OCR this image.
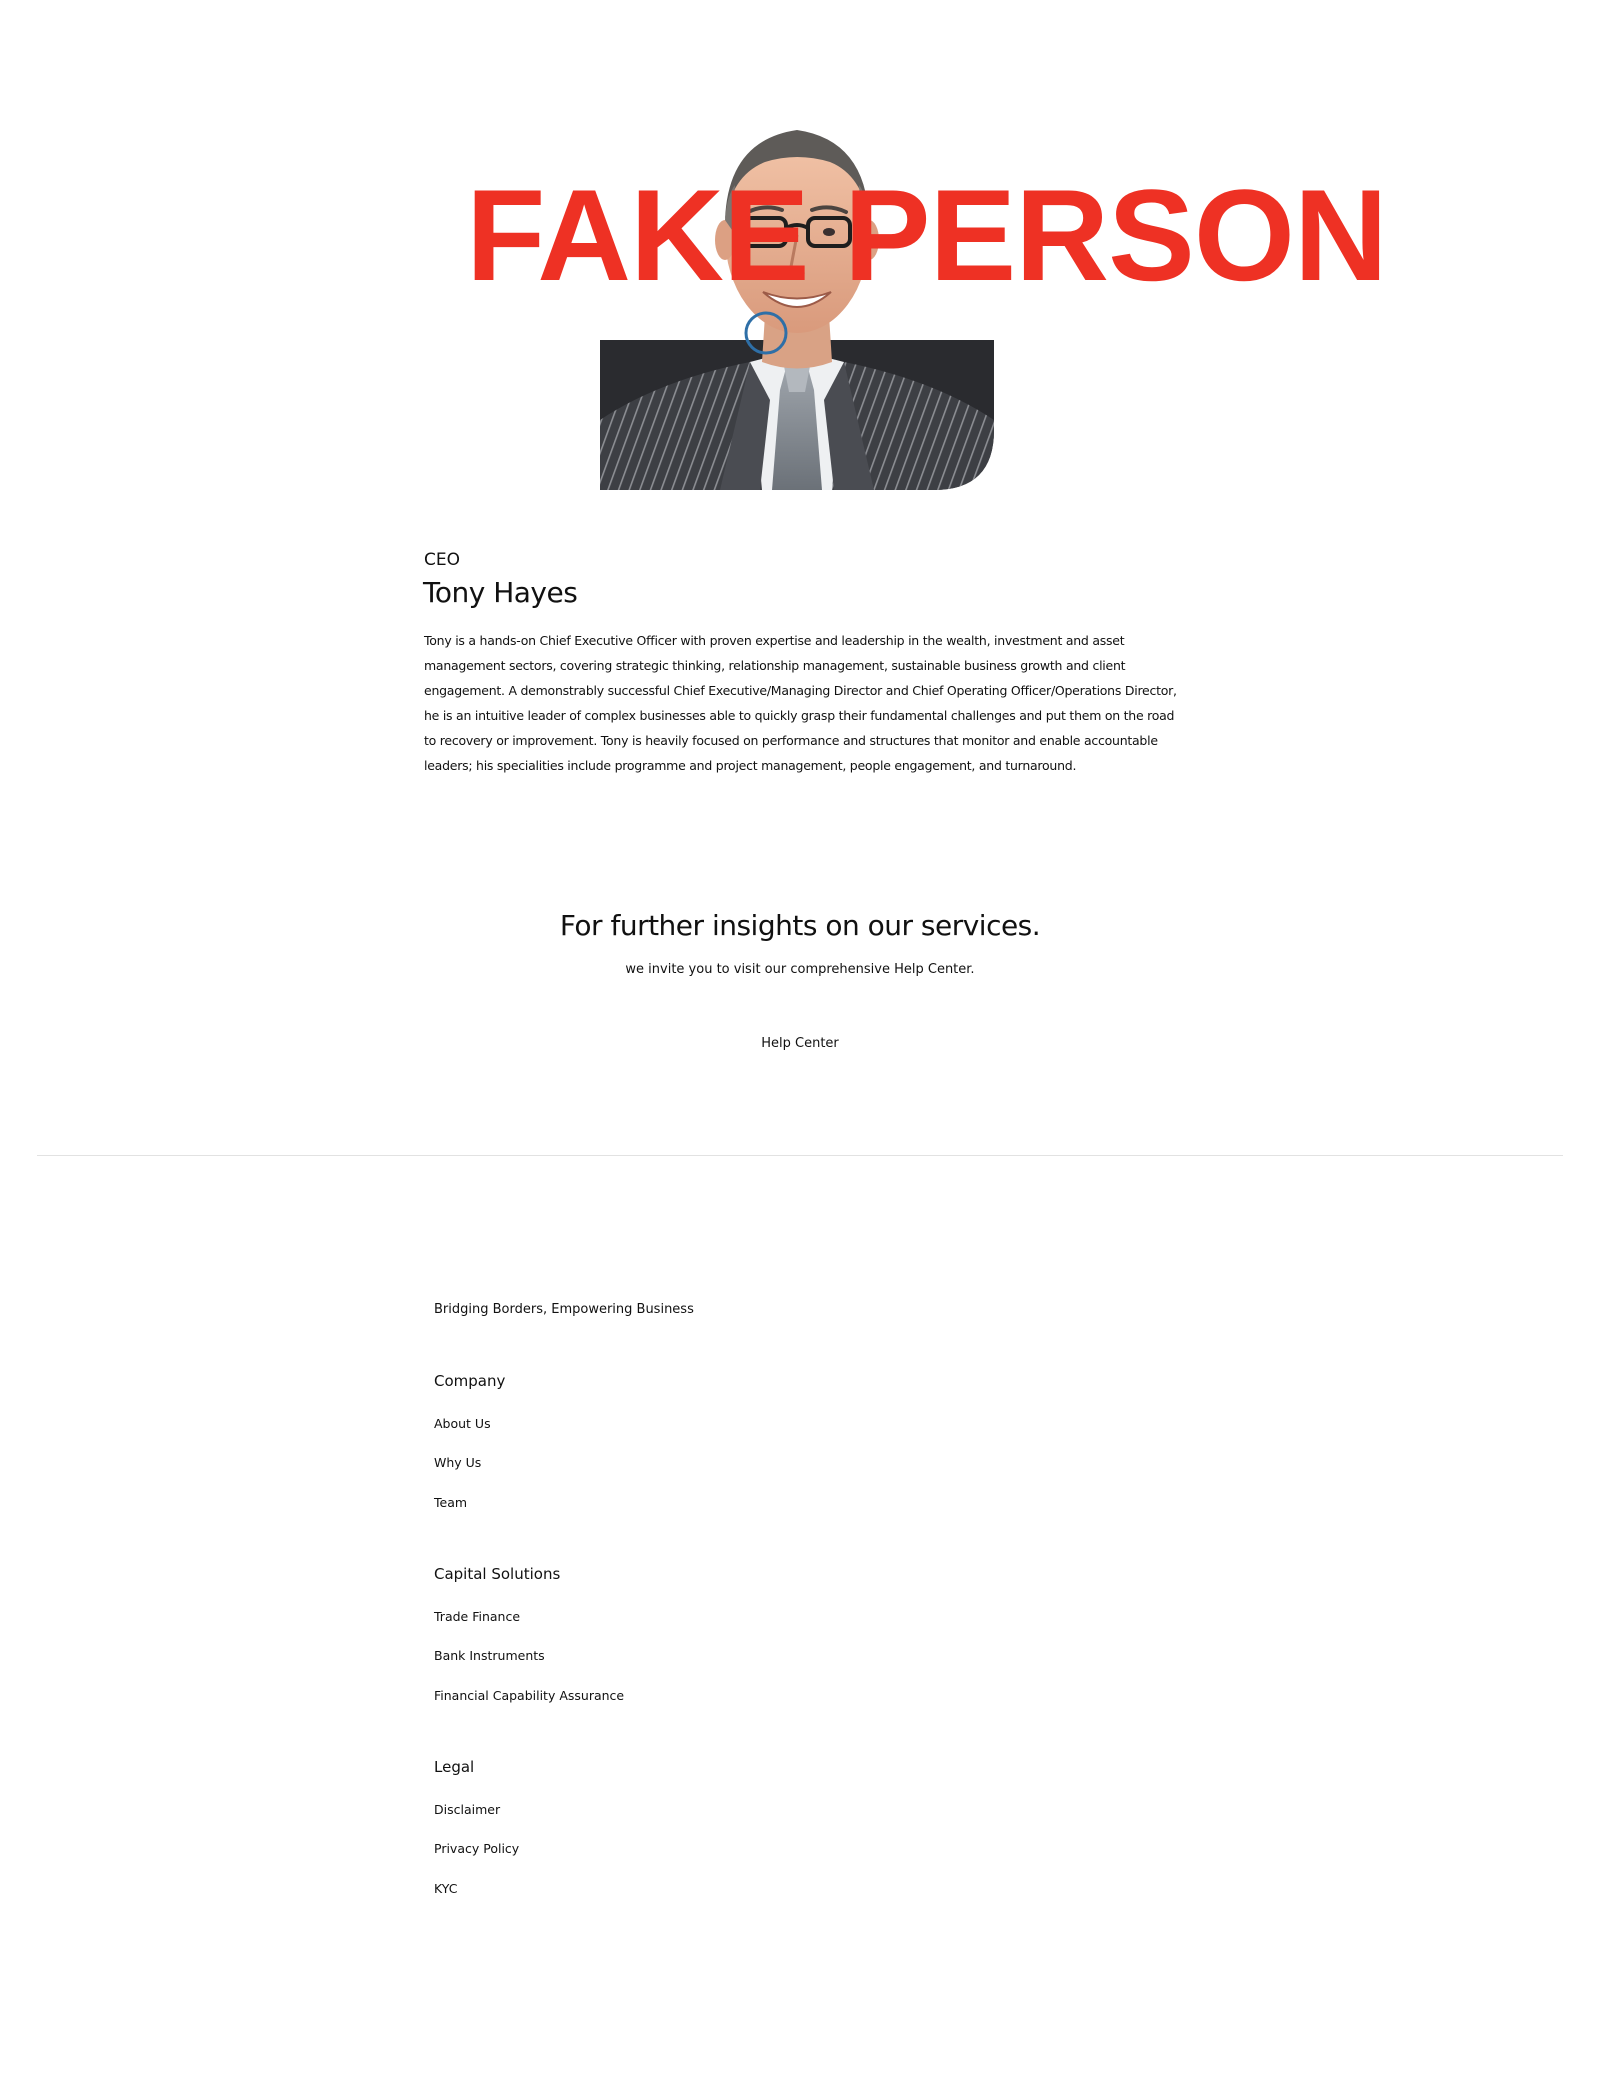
FAKE PERSON
CEO
Tony Hayes
Tony is a hands-on Chief Executive Officer with proven expertise and leadership in the wealth, investment and asset management sectors, covering strategic thinking, relationship management, sustainable business growth and client engagement. A demonstrably successful Chief Executive/Managing Director and Chief Operating Officer/Operations Director, he is an intuitive leader of complex businesses able to quickly grasp their fundamental challenges and put them on the road to recovery or improvement. Tony is heavily focused on performance and structures that monitor and enable accountable leaders; his specialities include programme and project management, people engagement, and turnaround.
For further insights on our services.
we invite you to visit our comprehensive Help Center.
Help Center
Bridging Borders, Empowering Business
Company
About Us
Why Us
Team
Capital Solutions
Trade Finance
Bank Instruments
Financial Capability Assurance
Legal
Disclaimer
Privacy Policy
KYC
